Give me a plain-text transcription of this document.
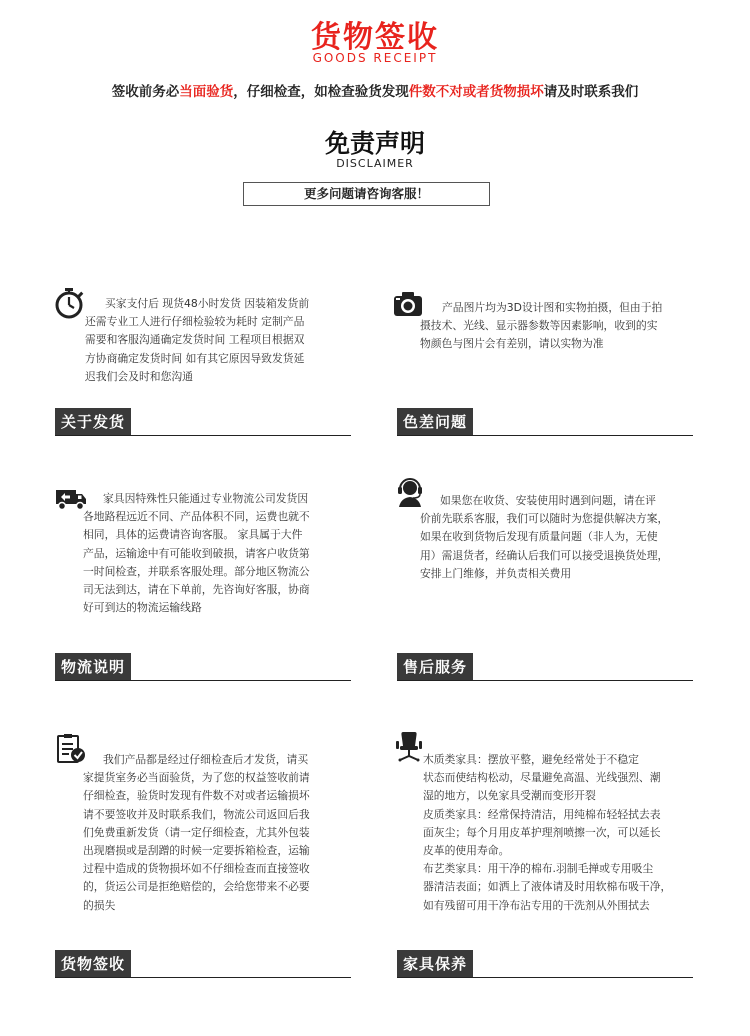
货物签收
GOODS RECEIPT
签收前务必当面验货，仔细检查，如检查验货发现件数不对或者货物损坏请及时联系我们
免责声明
DISCLAIMER
更多问题请咨询客服！
买家支付后 现货48小时发货 因装箱发货前
还需专业工人进行仔细检验较为耗时 定制产品
需要和客服沟通确定发货时间 工程项目根据双
方协商确定发货时间 如有其它原因导致发货延
迟我们会及时和您沟通
关于发货
产品图片均为3D设计图和实物拍摄，但由于拍
摄技术、光线、显示器参数等因素影响，收到的实
物颜色与图片会有差别，请以实物为准
色差问题
家具因特殊性只能通过专业物流公司发货因
各地路程远近不同、产品体积不同，运费也就不
相同，具体的运费请咨询客服。 家具属于大件
产品，运输途中有可能收到破损，请客户收货第
一时间检查，并联系客服处理。部分地区物流公
司无法到达，请在下单前，先咨询好客服，协商
好可到达的物流运输线路
物流说明
如果您在收货、安装使用时遇到问题，请在评
价前先联系客服，我们可以随时为您提供解决方案，
如果在收到货物后发现有质量问题（非人为，无使
用）需退货者，经确认后我们可以接受退换货处理，
安排上门维修，并负责相关费用
售后服务
我们产品都是经过仔细检查后才发货，请买
家提货室务必当面验货，为了您的权益签收前请
仔细检查，验货时发现有件数不对或者运输损坏
请不要签收并及时联系我们，物流公司返回后我
们免费重新发货（请一定仔细检查，尤其外包装
出现磨损或是刮蹭的时候一定要拆箱检查，运输
过程中造成的货物损坏如不仔细检查而直接签收
的，货运公司是拒绝赔偿的，会给您带来不必要
的损失
货物签收
木质类家具：摆放平整，避免经常处于不稳定
状态而使结构松动，尽量避免高温、光线强烈、潮
湿的地方，以免家具受潮而变形开裂
皮质类家具：经常保持清洁，用纯棉布轻轻拭去表
面灰尘；每个月用皮革护理剂喷擦一次，可以延长
皮革的使用寿命。
布艺类家具：用干净的棉布.羽制毛掸或专用吸尘
器清洁表面；如洒上了液体请及时用软棉布吸干净，
如有残留可用干净布沾专用的干洗剂从外围拭去
家具保养
